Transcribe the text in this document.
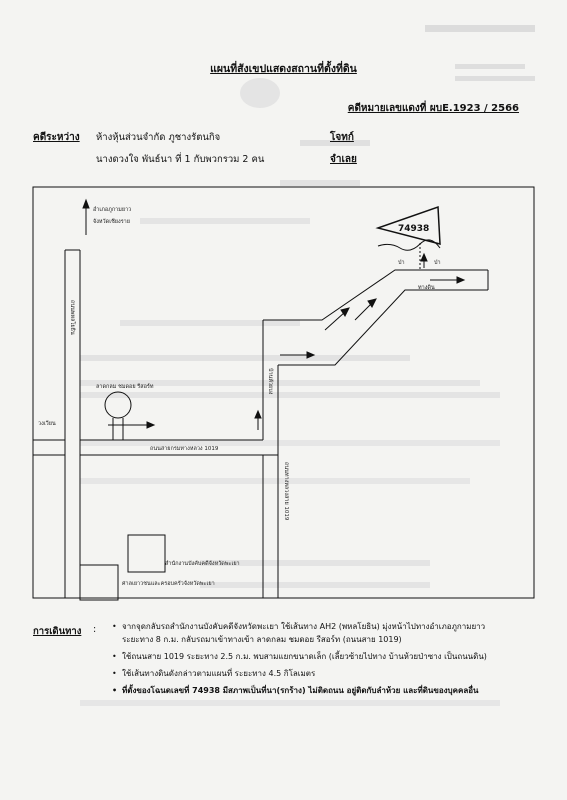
แผนที่สังเขปแสดงสถานที่ตั้งที่ดิน
คดีหมายเลขแดงที่ ผบE.1923 / 2566
คดีระหว่าง ห้างหุ้นส่วนจำกัด ภูชางรัตนกิจ	โจทก์
นางดวงใจ พันธ์นา ที่ 1 กับพวกรวม 2 คน	จำเลย
74938
ป่า	ป่า
ทางดิน
อำเภอภูกามยาว
จังหวัดเชียงราย
ถนนพหลโยธิน
วงเวียน
ลาดกลม ชมดอย รีสอร์ท
ถนนสายกรมทางหลวง 1019
บ้านห้วยบง
ถนนทางหลวงสาย 1019
สำนักงานบังคับคดีจังหวัดพะเยา
ศาลเยาวชนและครอบครัวจังหวัดพะเยา
การเดินทาง : • จากจุดกลับรถสำนักงานบังคับคดีจังหวัดพะเยา ใช้เส้นทาง AH2 (พหลโยธิน) มุ่งหน้าไปทางอำเภอภูกามยาว
ระยะทาง 8 ก.ม. กลับรถมาเข้าทางเข้า ลาดกลม ชมดอย รีสอร์ท (ถนนสาย 1019)
• ใช้ถนนสาย 1019 ระยะทาง 2.5 ก.ม. พบสามแยกขนาดเล็ก (เลี้ยวซ้ายไปทาง บ้านห้วยป่าซาง เป็นถนนดิน)
• ใช้เส้นทางดินดังกล่าวตามแผนที่ ระยะทาง 4.5 กิโลเมตร
• ที่ตั้งของโฉนดเลขที่ 74938 มีสภาพเป็นที่นา(รกร้าง) ไม่ติดถนน อยู่ติดกับลำห้วย และที่ดินของบุคคลอื่น
